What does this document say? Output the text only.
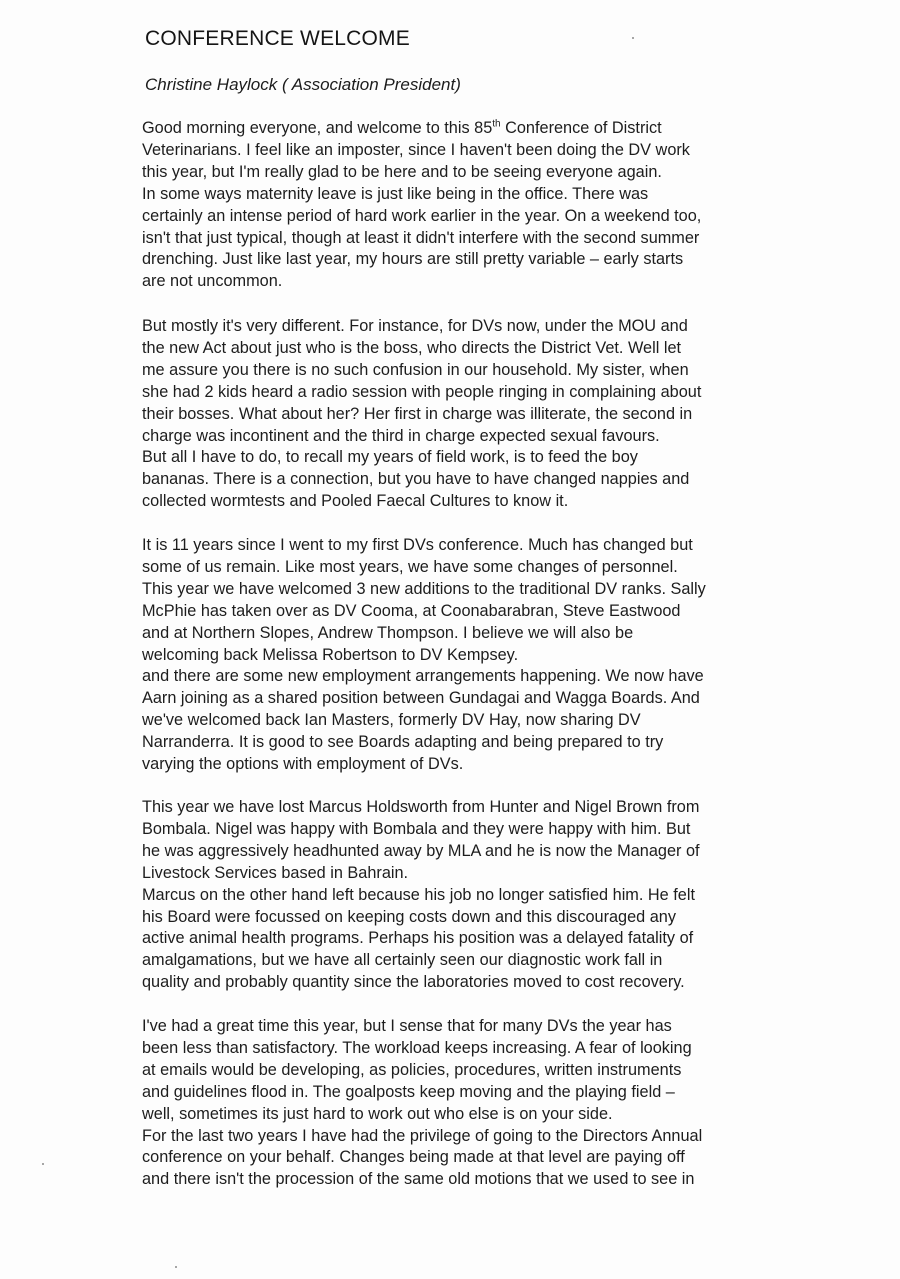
CONFERENCE WELCOME

Christine Haylock ( Association President)

Good morning everyone, and welcome to this 85th Conference of District
Veterinarians. I feel like an imposter, since I haven't been doing the DV work
this year, but I'm really glad to be here and to be seeing everyone again.
In some ways maternity leave is just like being in the office. There was
certainly an intense period of hard work earlier in the year. On a weekend too,
isn't that just typical, though at least it didn't interfere with the second summer
drenching. Just like last year, my hours are still pretty variable – early starts
are not uncommon.
But mostly it's very different. For instance, for DVs now, under the MOU and
the new Act about just who is the boss, who directs the District Vet. Well let
me assure you there is no such confusion in our household. My sister, when
she had 2 kids heard a radio session with people ringing in complaining about
their bosses. What about her? Her first in charge was illiterate, the second in
charge was incontinent and the third in charge expected sexual favours.
But all I have to do, to recall my years of field work, is to feed the boy
bananas. There is a connection, but you have to have changed nappies and
collected wormtests and Pooled Faecal Cultures to know it.
It is 11 years since I went to my first DVs conference. Much has changed but
some of us remain. Like most years, we have some changes of personnel.
This year we have welcomed 3 new additions to the traditional DV ranks. Sally
McPhie has taken over as DV Cooma, at Coonabarabran, Steve Eastwood
and at Northern Slopes, Andrew Thompson. I believe we will also be
welcoming back Melissa Robertson to DV Kempsey.
and there are some new employment arrangements happening. We now have
Aarn joining as a shared position between Gundagai and Wagga Boards. And
we've welcomed back Ian Masters, formerly DV Hay, now sharing DV
Narranderra. It is good to see Boards adapting and being prepared to try
varying the options with employment of DVs.
This year we have lost Marcus Holdsworth from Hunter and Nigel Brown from
Bombala. Nigel was happy with Bombala and they were happy with him. But
he was aggressively headhunted away by MLA and he is now the Manager of
Livestock Services based in Bahrain.
Marcus on the other hand left because his job no longer satisfied him. He felt
his Board were focussed on keeping costs down and this discouraged any
active animal health programs. Perhaps his position was a delayed fatality of
amalgamations, but we have all certainly seen our diagnostic work fall in
quality and probably quantity since the laboratories moved to cost recovery.
I've had a great time this year, but I sense that for many DVs the year has
been less than satisfactory. The workload keeps increasing. A fear of looking
at emails would be developing, as policies, procedures, written instruments
and guidelines flood in. The goalposts keep moving and the playing field –
well, sometimes its just hard to work out who else is on your side.
For the last two years I have had the privilege of going to the Directors Annual
conference on your behalf. Changes being made at that level are paying off
and there isn't the procession of the same old motions that we used to see in
